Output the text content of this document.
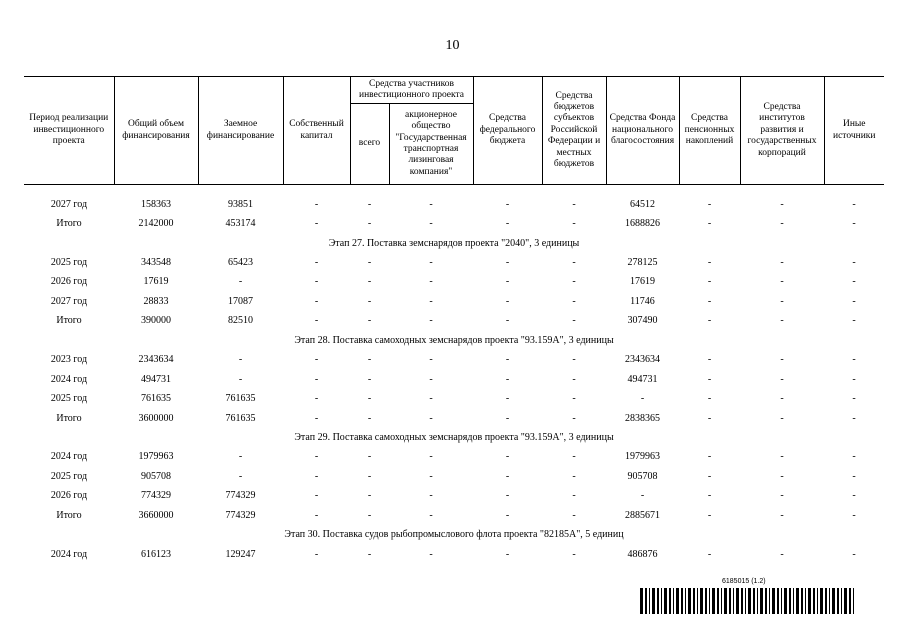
10
Период реализации инвестиционного проекта	Общий объем финансирования	Заемное финансирование	Собственный капитал	Средства участников инвестиционного проекта		Средства федерального бюджета	Средства бюджетов субъектов Российской Федерации и местных бюджетов	Средства Фонда национального благосостояния	Средства пенсионных накоплений	Средства институтов развития и государственных корпораций	Иные источники
				всего	акционерное общество "Государственная транспортная лизинговая компания"						

2027 год	158363	93851	-	-	-	-	-	64512	-	-	-
Итого	2142000	453174	-	-	-	-	-	1688826	-	-	-
Этап 27. Поставка земснарядов проекта "2040", 3 единицы											
2025 год	343548	65423	-	-	-	-	-	278125	-	-	-
2026 год	17619	-	-	-	-	-	-	17619	-	-	-
2027 год	28833	17087	-	-	-	-	-	11746	-	-	-
Итого	390000	82510	-	-	-	-	-	307490	-	-	-
Этап 28. Поставка самоходных земснарядов проекта "93.159А", 3 единицы											
2023 год	2343634	-	-	-	-	-	-	2343634	-	-	-
2024 год	494731	-	-	-	-	-	-	494731	-	-	-
2025 год	761635	761635	-	-	-	-	-	-	-	-	-
Итого	3600000	761635	-	-	-	-	-	2838365	-	-	-
Этап 29. Поставка самоходных земснарядов проекта "93.159А", 3 единицы											
2024 год	1979963	-	-	-	-	-	-	1979963	-	-	-
2025 год	905708	-	-	-	-	-	-	905708	-	-	-
2026 год	774329	774329	-	-	-	-	-	-	-	-	-
Итого	3660000	774329	-	-	-	-	-	2885671	-	-	-
Этап 30. Поставка судов рыбопромыслового флота проекта "82185А", 5 единиц											
2024 год	616123	129247	-	-	-	-	-	486876	-	-	-
6185015 (1.2)
